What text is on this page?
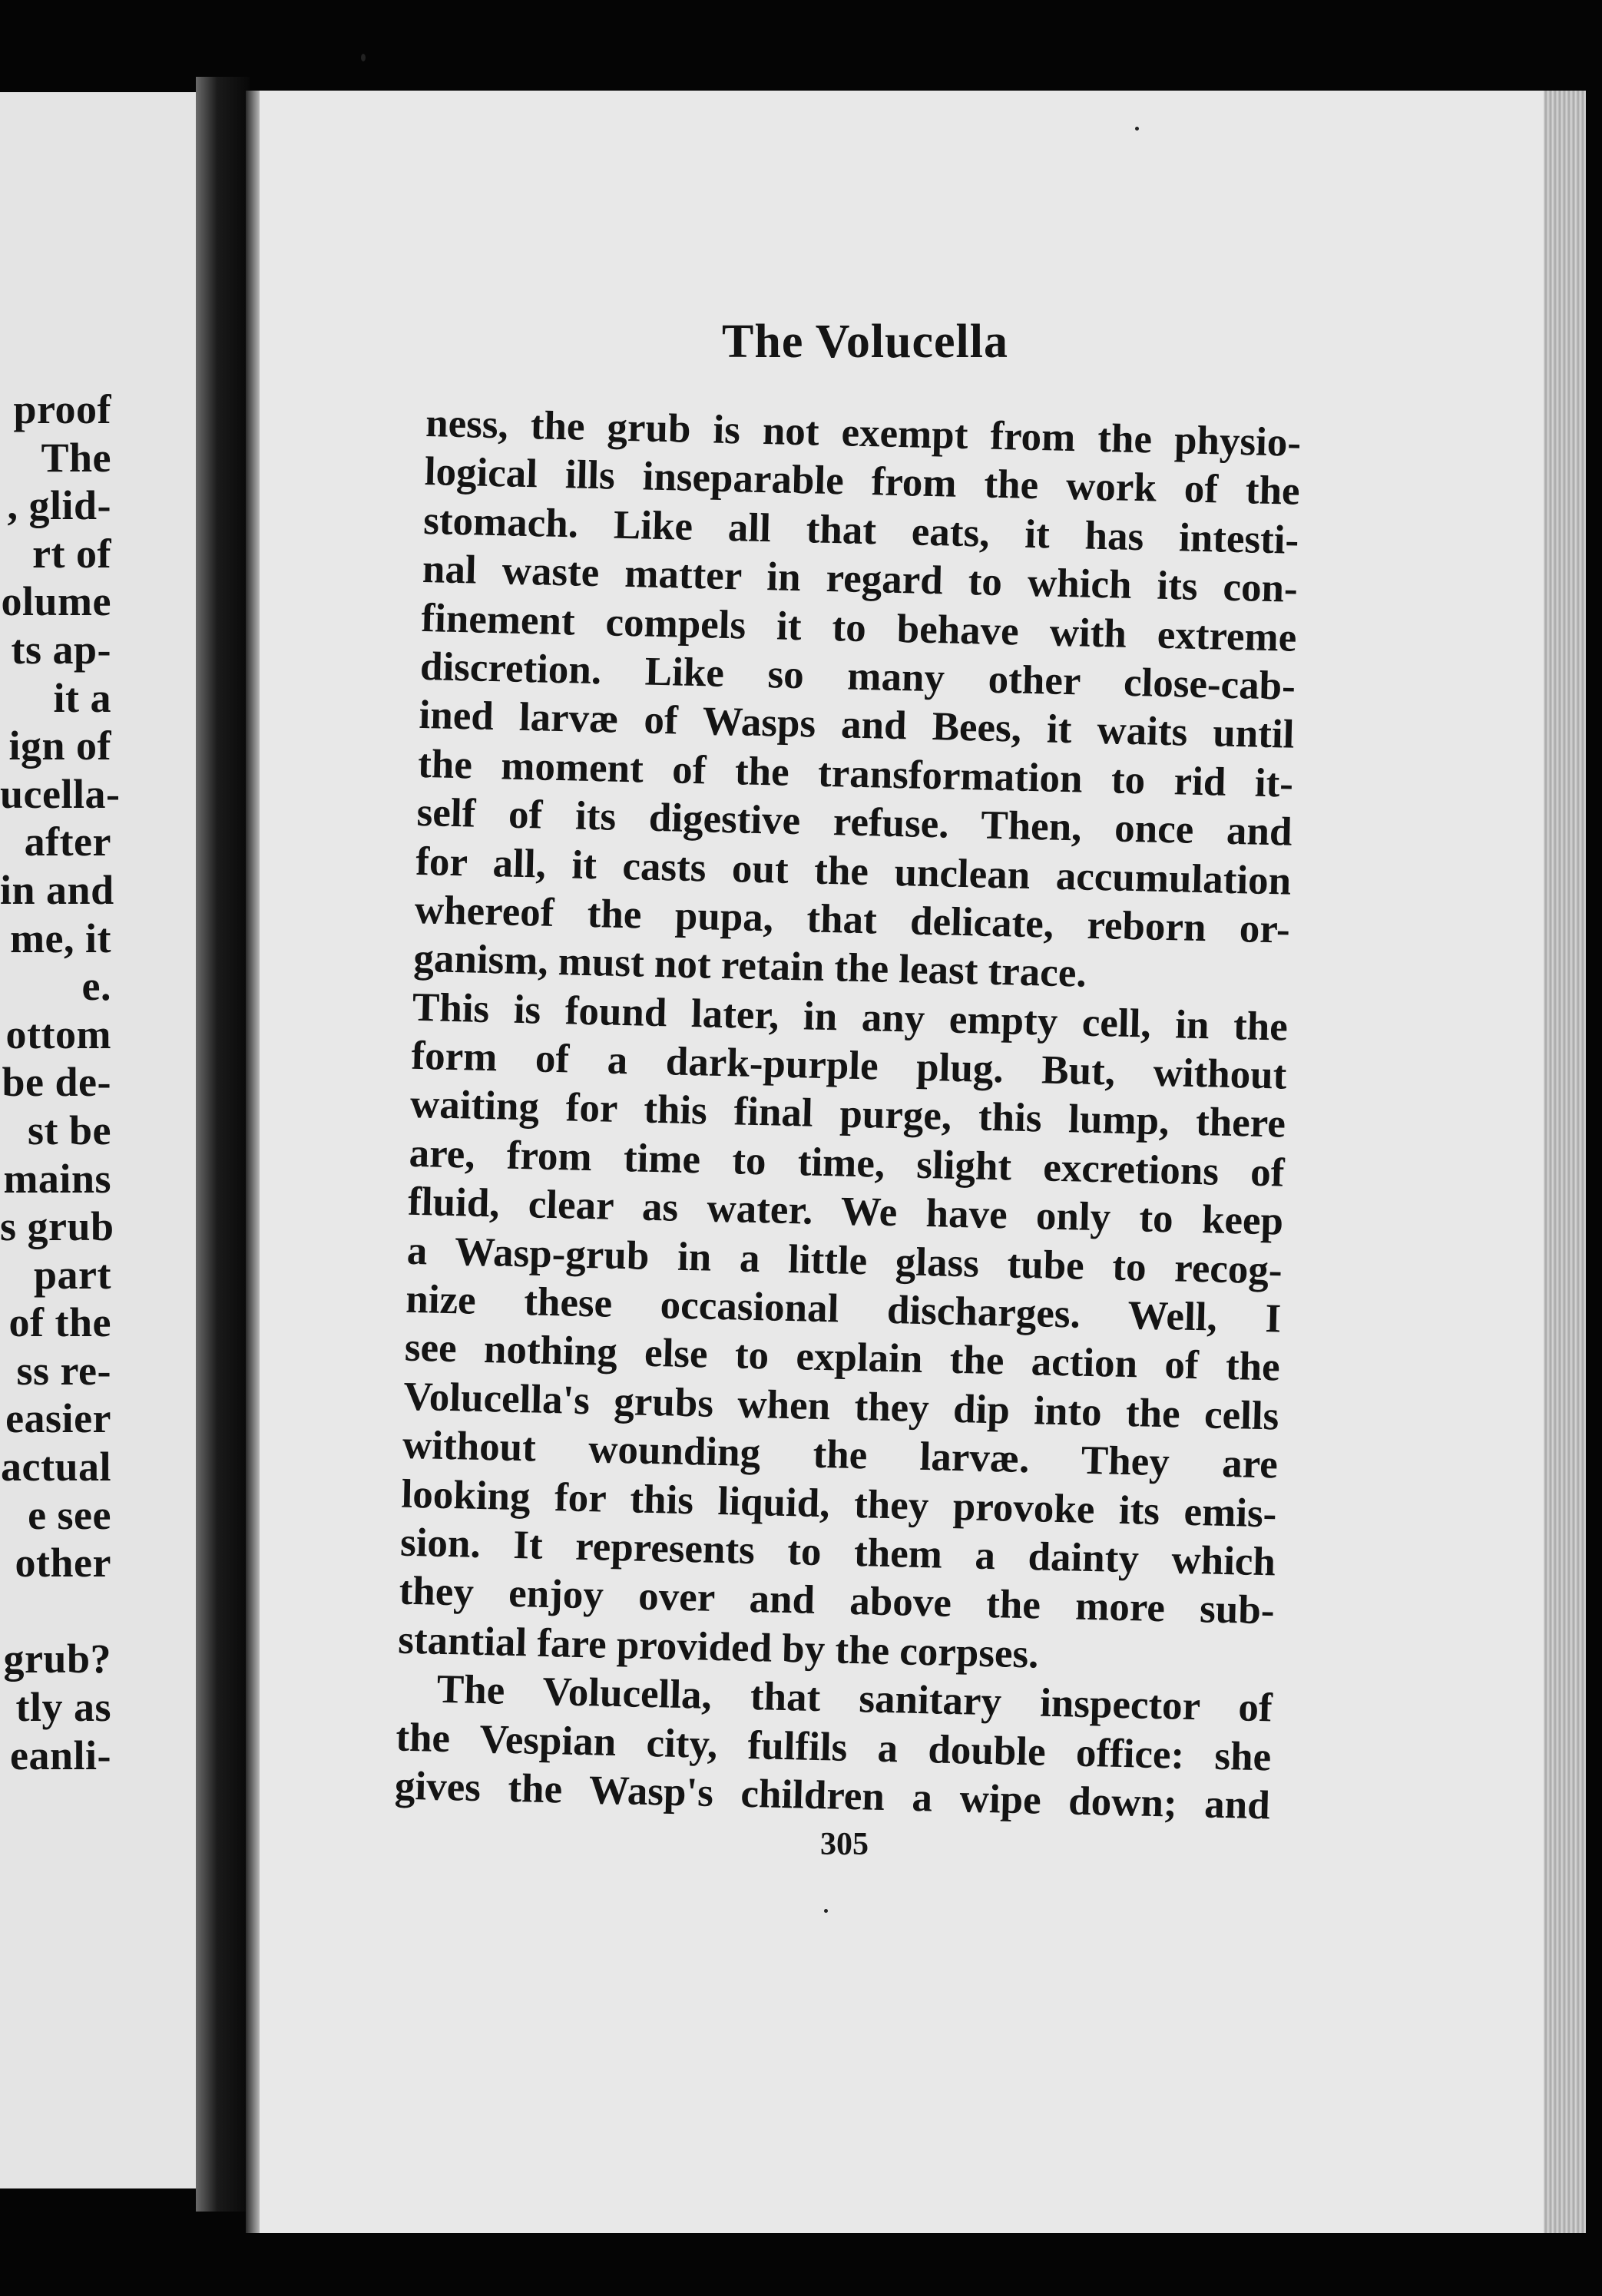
proof
The
, glid-
rt of
olume
ts ap-
it a
ign of
ucella-
after
in and
me, it
e.
ottom
be de-
st be
mains
s grub
part
of the
ss re-
easier
actual
e see
other
grub?
tly as
eanli-
The Volucella
ness, the grub is not exempt from the physio-
logical ills inseparable from the work of the
stomach. Like all that eats, it has intesti-
nal waste matter in regard to which its con-
finement compels it to behave with extreme
discretion. Like so many other close-cab-
ined larvæ of Wasps and Bees, it waits until
the moment of the transformation to rid it-
self of its digestive refuse. Then, once and
for all, it casts out the unclean accumulation
whereof the pupa, that delicate, reborn or-
ganism, must not retain the least trace.
This is found later, in any empty cell, in the
form of a dark-purple plug. But, without
waiting for this final purge, this lump, there
are, from time to time, slight excretions of
fluid, clear as water. We have only to keep
a Wasp-grub in a little glass tube to recog-
nize these occasional discharges. Well, I
see nothing else to explain the action of the
Volucella's grubs when they dip into the cells
without wounding the larvæ. They are
looking for this liquid, they provoke its emis-
sion. It represents to them a dainty which
they enjoy over and above the more sub-
stantial fare provided by the corpses.
The Volucella, that sanitary inspector of
the Vespian city, fulfils a double office: she
gives the Wasp's children a wipe down; and
305
